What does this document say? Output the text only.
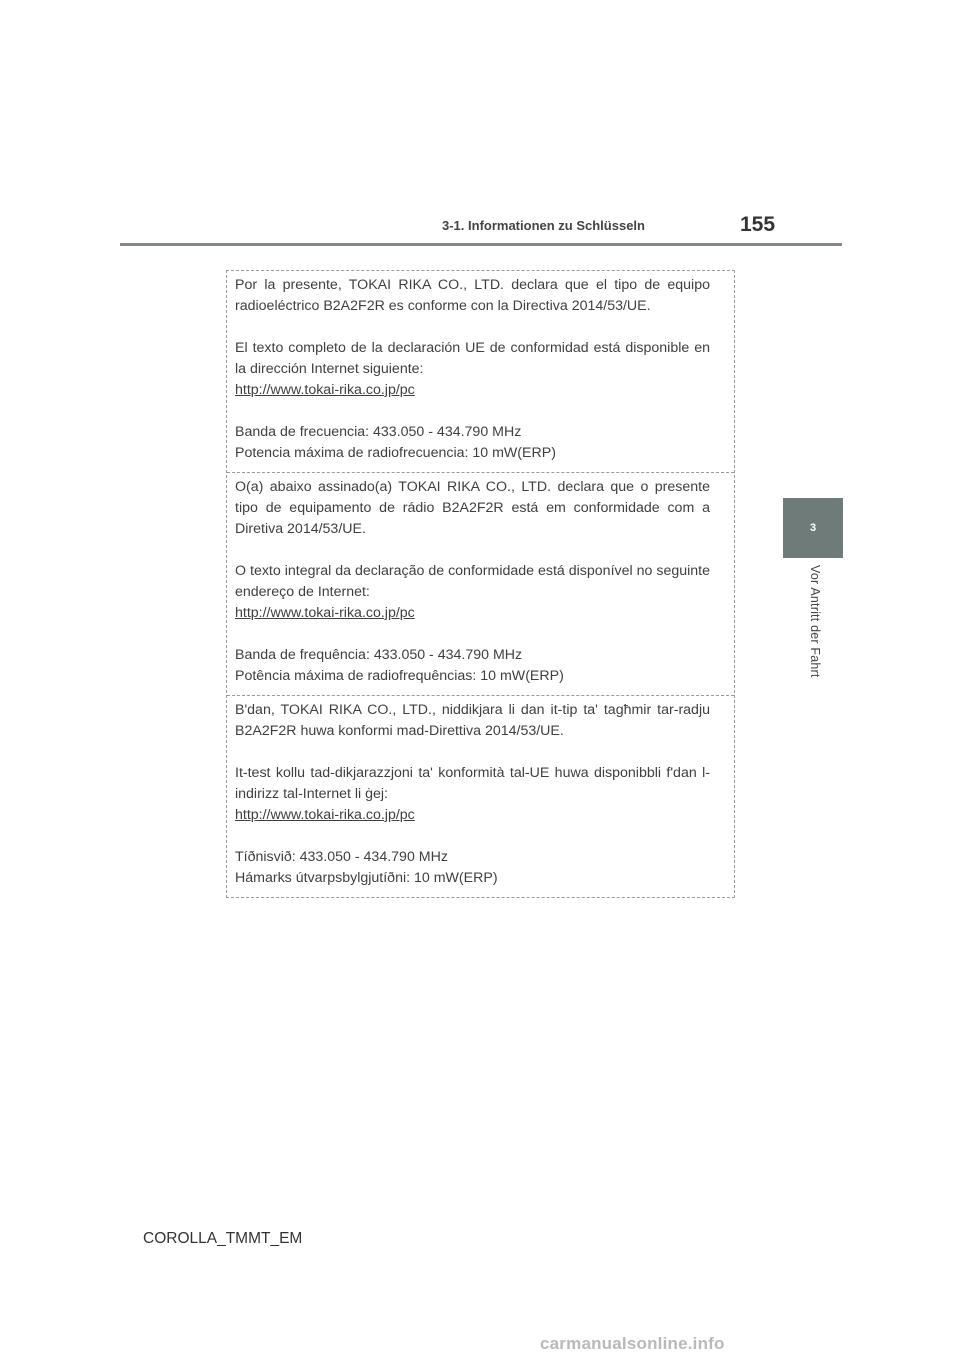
3-1. Informationen zu Schlüsseln	155
3
Vor Antritt der Fahrt

Por la presente, TOKAI RIKA CO., LTD. declara que el tipo de equipo radioeléctrico B2A2F2R es conforme con la Directiva 2014/53/UE.

El texto completo de la declaración UE de conformidad está disponible en la dirección Internet siguiente:

http://www.tokai-rika.co.jp/pc

Banda de frecuencia: 433.050 - 434.790 MHz

Potencia máxima de radiofrecuencia: 10 mW(ERP)

O(a) abaixo assinado(a) TOKAI RIKA CO., LTD. declara que o presente tipo de equipamento de rádio B2A2F2R está em conformidade com a Diretiva 2014/53/UE.

O texto integral da declaração de conformidade está disponível no seguinte endereço de Internet:

http://www.tokai-rika.co.jp/pc

Banda de frequência: 433.050 - 434.790 MHz

Potência máxima de radiofrequências: 10 mW(ERP)

B'dan, TOKAI RIKA CO., LTD., niddikjara li dan it-tip ta' tagħmir tar-radju B2A2F2R huwa konformi mad-Direttiva 2014/53/UE.

It-test kollu tad-dikjarazzjoni ta' konformità tal-UE huwa disponibbli f'dan l-indirizz tal-Internet li ġej:

http://www.tokai-rika.co.jp/pc

Tíðnisvið: 433.050 - 434.790 MHz

Hámarks útvarpsbylgjutíðni: 10 mW(ERP)

COROLLA_TMMT_EM
carmanualsonline.info
